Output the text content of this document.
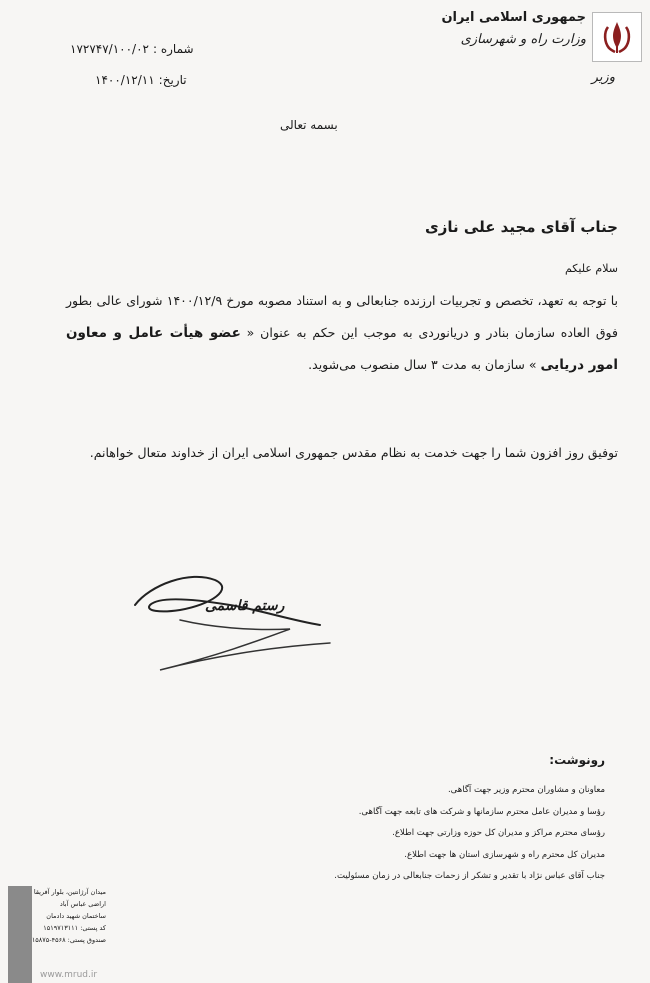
جمهوری اسلامی ایران
وزارت راه و شهرسازی
وزیر
شماره :۱۷۲۷۴۷/۱۰۰/۰۲
تاریخ:۱۴۰۰/۱۲/۱۱
بسمه تعالی
جناب آقای مجید علی نازی
سلام علیکم
با توجه به تعهد، تخصص و تجربیات ارزنده جنابعالی و به استناد مصوبه مورخ ۱۴۰۰/۱۲/۹ شورای عالی بطور فوق العاده سازمان بنادر و دریانوردی به موجب این حکم به عنوان « عضو هیأت عامل و معاون امور دریایی » سازمان به مدت ۳ سال منصوب می‌شوید.
توفیق روز افزون شما را جهت خدمت به نظام مقدس جمهوری اسلامی ایران از خداوند متعال خواهانم.
رستم قاسمی
رونوشت:
معاونان و مشاوران محترم وزیر جهت آگاهی.
رؤسا و مدیران عامل محترم سازمانها و شرکت های تابعه جهت آگاهی.
رؤسای محترم مراکز و مدیران کل حوزه وزارتی جهت اطلاع.
مدیران کل محترم راه و شهرسازی استان ها جهت اطلاع.
جناب آقای عباس نژاد با تقدیر و تشکر از زحمات جنابعالی در زمان مسئولیت.
میدان آرژانتین، بلوار آفریقا
اراضی عباس آباد
ساختمان شهید دادمان
کد پستی: ۱۵۱۹۷۱۳۱۱۱
صندوق پستی: ۴۵۶۸-۱۵۸۷۵
www.mrud.ir
